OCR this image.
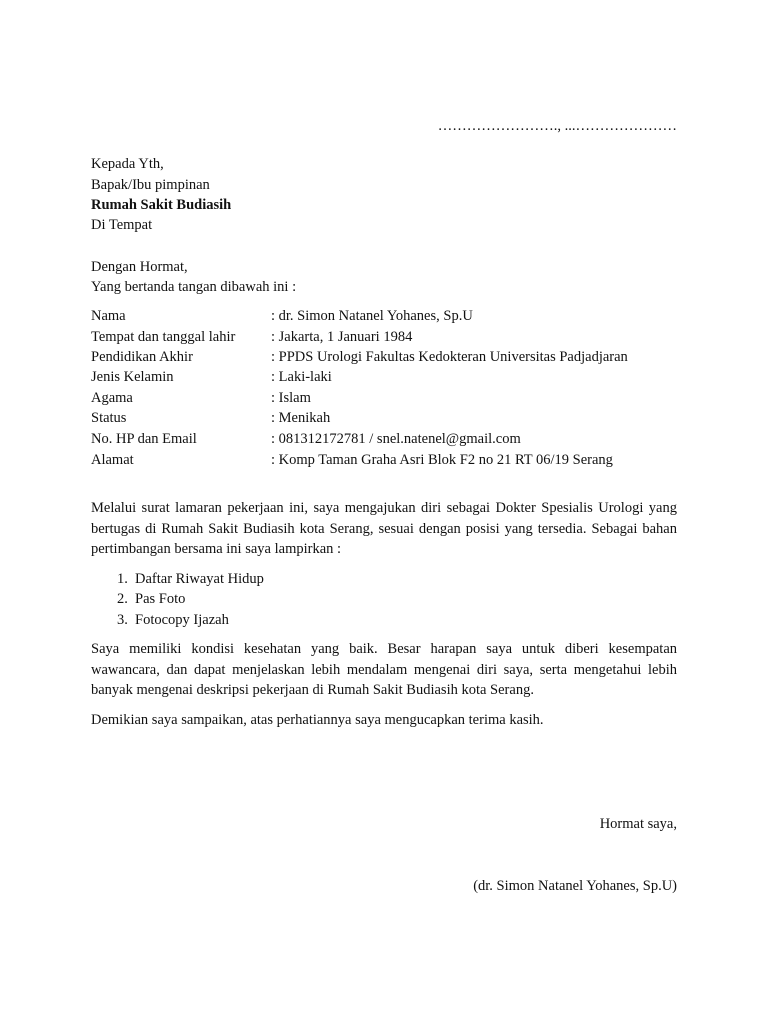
……………………., ...…………………
Kepada Yth,
Bapak/Ibu pimpinan
Rumah Sakit Budiasih
Di Tempat
Dengan Hormat,
Yang bertanda tangan dibawah ini :
Nama	: dr. Simon Natanel Yohanes, Sp.U
Tempat dan tanggal lahir : Jakarta, 1 Januari 1984
Pendidikan Akhir	: PPDS Urologi Fakultas Kedokteran Universitas Padjadjaran
Jenis Kelamin	: Laki-laki
Agama	: Islam
Status	: Menikah
No. HP dan Email	: 081312172781 / snel.natenel@gmail.com
Alamat	: Komp Taman Graha Asri Blok F2 no 21 RT 06/19 Serang
Melalui surat lamaran pekerjaan ini, saya mengajukan diri sebagai Dokter Spesialis Urologi yang bertugas di Rumah Sakit Budiasih kota Serang, sesuai dengan posisi yang tersedia. Sebagai bahan pertimbangan bersama ini saya lampirkan :
1. Daftar Riwayat Hidup
2. Pas Foto
3. Fotocopy Ijazah
Saya memiliki kondisi kesehatan yang baik. Besar harapan saya untuk diberi kesempatan wawancara, dan dapat menjelaskan lebih mendalam mengenai diri saya, serta mengetahui lebih banyak mengenai deskripsi pekerjaan di Rumah Sakit Budiasih kota Serang.
Demikian saya sampaikan, atas perhatiannya saya mengucapkan terima kasih.
Hormat saya,
(dr. Simon Natanel Yohanes, Sp.U)
